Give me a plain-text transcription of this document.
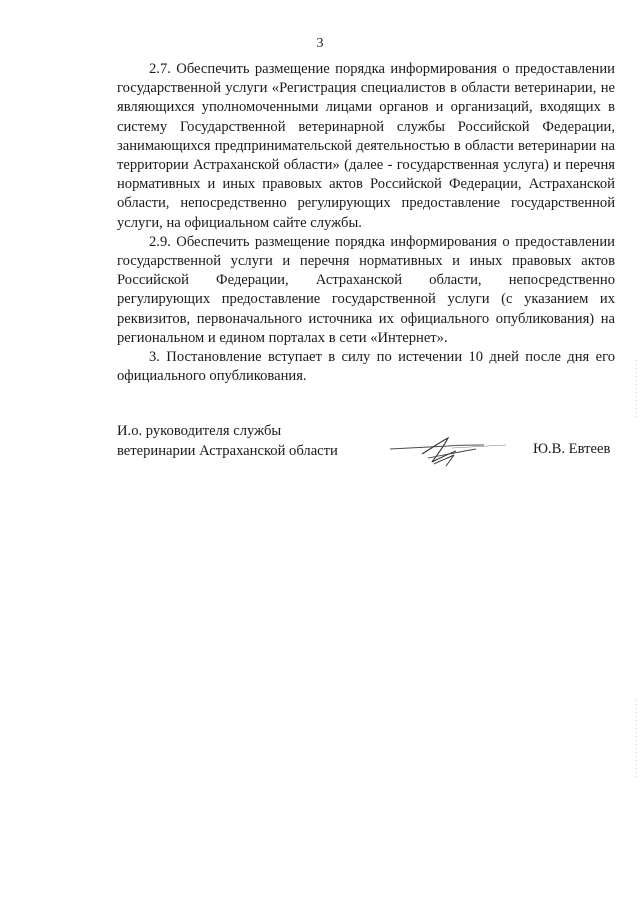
3

2.7. Обеспечить размещение порядка информирования о предоставлении государственной услуги «Регистрация специалистов в области ветеринарии, не являющихся уполномоченными лицами органов и организаций, входящих в систему Государственной ветеринарной службы Российской Федерации, занимающихся предпринимательской деятельностью в области ветеринарии на территории Астраханской области» (далее - государственная услуга) и перечня нормативных и иных правовых актов Российской Федерации, Астраханской области, непосредственно регулирующих предоставление государственной услуги, на официальном сайте службы.

2.9. Обеспечить размещение порядка информирования о предоставлении государственной услуги и перечня нормативных и иных правовых актов Российской Федерации, Астраханской области, непосредственно регулирующих предоставление государственной услуги (с указанием их реквизитов, первоначального источника их официального опубликования) на региональном и едином порталах в сети «Интернет».

3. Постановление вступает в силу по истечении 10 дней после дня его официального опубликования.

И.о. руководителя службы
ветеринарии Астраханской области	Ю.В. Евтеев
